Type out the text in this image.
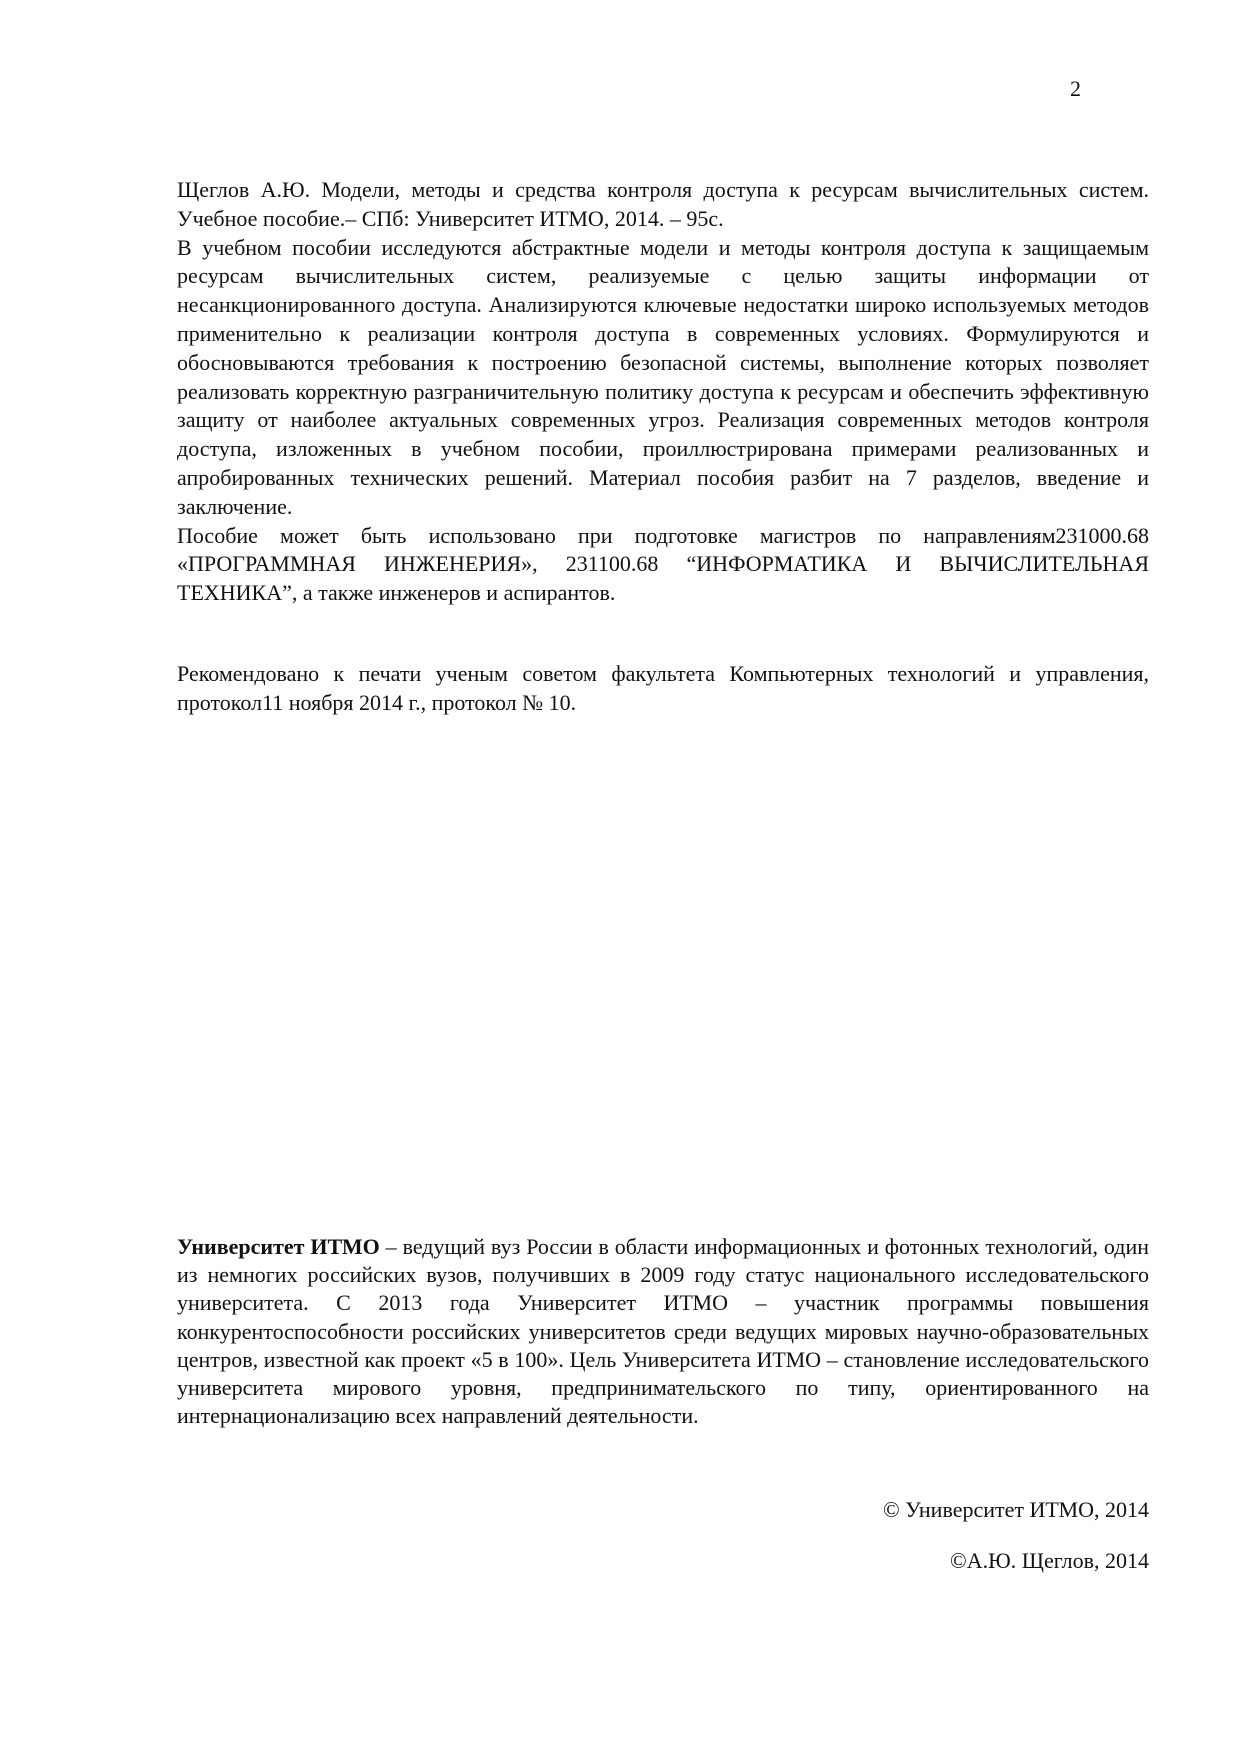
2

Щеглов А.Ю. Модели, методы и средства контроля доступа к ресурсам вычислительных систем. Учебное пособие.– СПб: Университет ИТМО, 2014. – 95с.

В учебном пособии исследуются абстрактные модели и методы контроля доступа к защищаемым ресурсам вычислительных систем, реализуемые с целью защиты информации от несанкционированного доступа. Анализируются ключевые недостатки широко используемых методов применительно к реализации контроля доступа в современных условиях. Формулируются и обосновываются требования к построению безопасной системы, выполнение которых позволяет реализовать корректную разграничительную политику доступа к ресурсам и обеспечить эффективную защиту от наиболее актуальных современных угроз. Реализация современных методов контроля доступа, изложенных в учебном пособии, проиллюстрирована примерами реализованных и апробированных технических решений. Материал пособия разбит на 7 разделов, введение и заключение.

Пособие может быть использовано при подготовке магистров по направлениям231000.68 «ПРОГРАММНАЯ ИНЖЕНЕРИЯ», 231100.68 “ИНФОРМАТИКА И ВЫЧИСЛИТЕЛЬНАЯ ТЕХНИКА”, а также инженеров и аспирантов.

Рекомендовано к печати ученым советом факультета Компьютерных технологий и управления, протокол11 ноября 2014 г., протокол № 10.

Университет ИТМО – ведущий вуз России в области информационных и фотонных технологий, один из немногих российских вузов, получивших в 2009 году статус национального исследовательского университета. С 2013 года Университет ИТМО – участник программы повышения конкурентоспособности российских университетов среди ведущих мировых научно-образовательных центров, известной как проект «5 в 100». Цель Университета ИТМО – становление исследовательского университета мирового уровня, предпринимательского по типу, ориентированного на интернационализацию всех направлений деятельности.

© Университет ИТМО, 2014
©А.Ю. Щеглов, 2014
